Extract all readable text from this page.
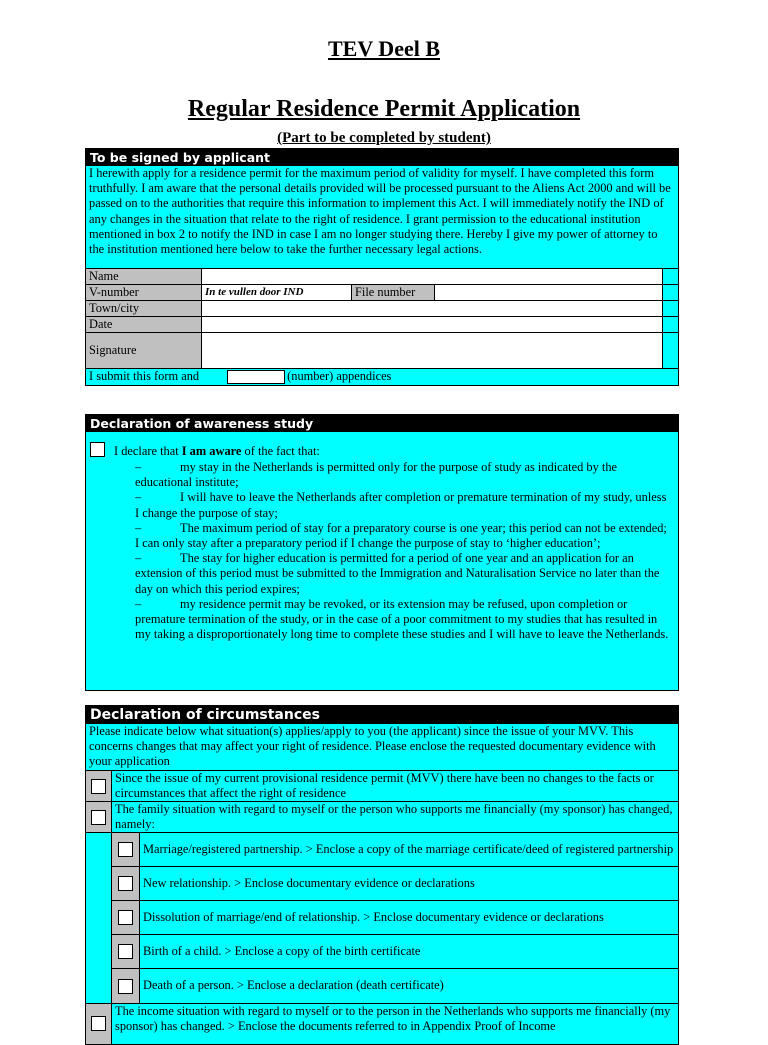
TEV Deel B
Regular Residence Permit Application
(Part to be completed by student)
To be signed by applicant
I herewith apply for a residence permit for the maximum period of validity for myself. I have completed this form truthfully. I am aware that the personal details provided will be processed pursuant to the Aliens Act 2000 and will be passed on to the authorities that require this information to implement this Act. I will immediately notify the IND of any changes in the situation that relate to the right of residence. I grant permission to the educational institution mentioned in box 2 to notify the IND in case I am no longer studying there. Hereby I give my power of attorney to the institution mentioned here below to take the further necessary legal actions.
Name
V-number	In te vullen door IND	File number
Town/city
Date
Signature
I submit this form and	(number) appendices
Declaration of awareness study
I declare that I am aware of the fact that:
–	my stay in the Netherlands is permitted only for the purpose of study as indicated by the educational institute;
–	I will have to leave the Netherlands after completion or premature termination of my study, unless I change the purpose of stay;
–	The maximum period of stay for a preparatory course is one year; this period can not be extended; I can only stay after a preparatory period if I change the purpose of stay to ‘higher education’;
–	The stay for higher education is permitted for a period of one year and an application for an extension of this period must be submitted to the Immigration and Naturalisation Service no later than the day on which this period expires;
–	my residence permit may be revoked, or its extension may be refused, upon completion or premature termination of the study, or in the case of a poor commitment to my studies that has resulted in my taking a disproportionately long time to complete these studies and I will have to leave the Netherlands.
Declaration of circumstances
Please indicate below what situation(s) applies/apply to you (the applicant) since the issue of your MVV. This concerns changes that may affect your right of residence. Please enclose the requested documentary evidence with your application
Since the issue of my current provisional residence permit (MVV) there have been no changes to the facts or circumstances that affect the right of residence
The family situation with regard to myself or the person who supports me financially (my sponsor) has changed, namely:
Marriage/registered partnership. > Enclose a copy of the marriage certificate/deed of registered partnership
New relationship. > Enclose documentary evidence or declarations
Dissolution of marriage/end of relationship. > Enclose documentary evidence or declarations
Birth of a child. > Enclose a copy of the birth certificate
Death of a person. > Enclose a declaration (death certificate)
The income situation with regard to myself or to the person in the Netherlands who supports me financially (my sponsor) has changed. > Enclose the documents referred to in Appendix Proof of Income
